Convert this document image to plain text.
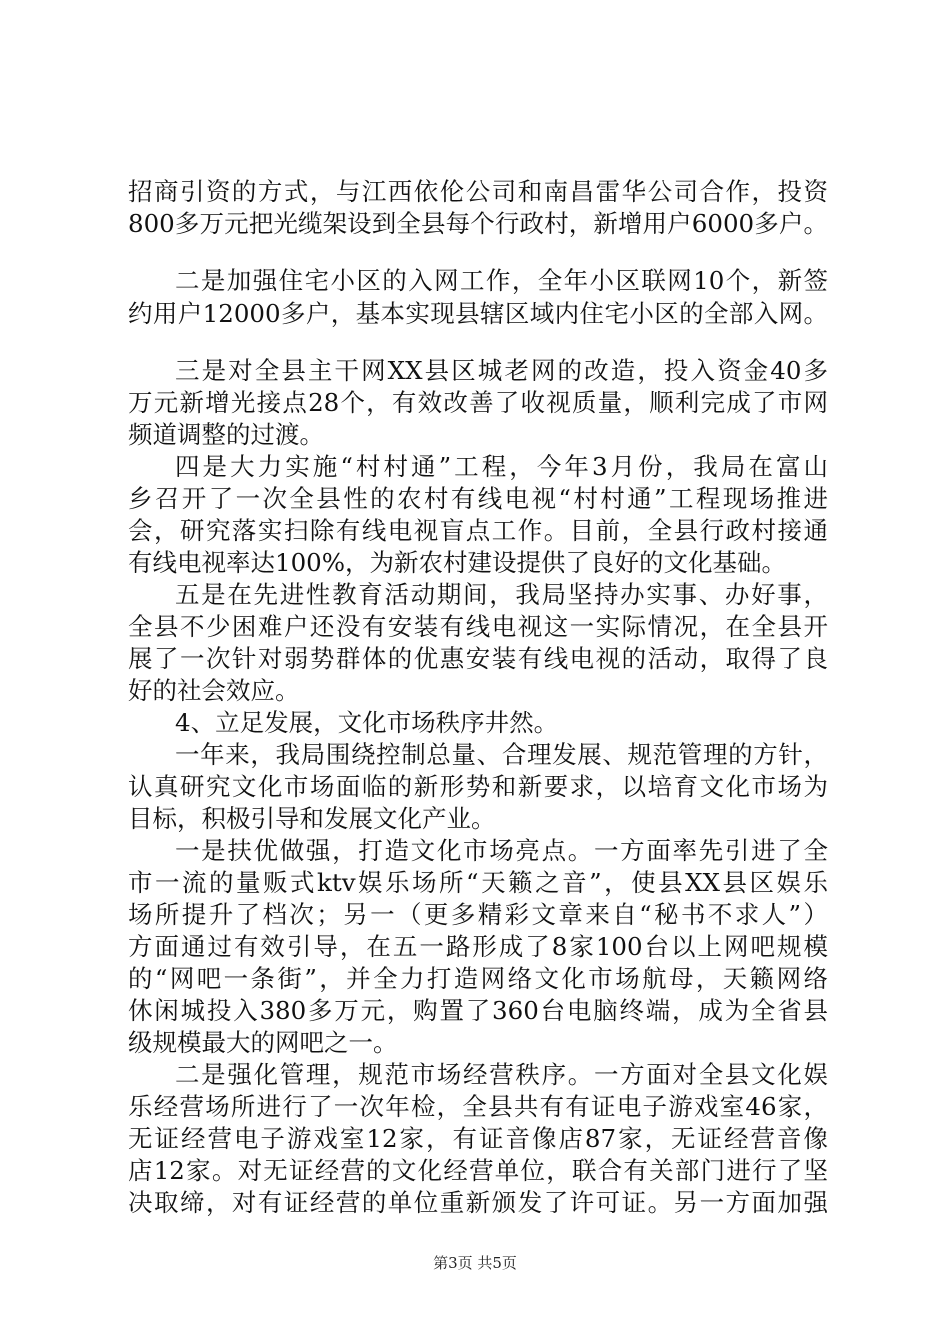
招商引资的方式，与江西依伦公司和南昌雷华公司合作，投资
800多万元把光缆架设到全县每个行政村，新增用户6000多户。
二是加强住宅小区的入网工作，全年小区联网10个，新签
约用户12000多户，基本实现县辖区域内住宅小区的全部入网。
三是对全县主干网XX县区城老网的改造，投入资金40多
万元新增光接点28个，有效改善了收视质量，顺利完成了市网
频道调整的过渡。
四是大力实施“村村通”工程，今年3月份，我局在富山
乡召开了一次全县性的农村有线电视“村村通”工程现场推进
会，研究落实扫除有线电视盲点工作。目前，全县行政村接通
有线电视率达100%，为新农村建设提供了良好的文化基础。
五是在先进性教育活动期间，我局坚持办实事、办好事，
全县不少困难户还没有安装有线电视这一实际情况，在全县开
展了一次针对弱势群体的优惠安装有线电视的活动，取得了良
好的社会效应。
4、立足发展，文化市场秩序井然。
一年来，我局围绕控制总量、合理发展、规范管理的方针，
认真研究文化市场面临的新形势和新要求，以培育文化市场为
目标，积极引导和发展文化产业。
一是扶优做强，打造文化市场亮点。一方面率先引进了全
市一流的量贩式ktv娱乐场所“天籁之音”，使县XX县区娱乐
场所提升了档次；另一（更多精彩文章来自“秘书不求人”）
方面通过有效引导，在五一路形成了8家100台以上网吧规模
的“网吧一条街”，并全力打造网络文化市场航母，天籁网络
休闲城投入380多万元，购置了360台电脑终端，成为全省县
级规模最大的网吧之一。
二是强化管理，规范市场经营秩序。一方面对全县文化娱
乐经营场所进行了一次年检，全县共有有证电子游戏室46家，
无证经营电子游戏室12家，有证音像店87家，无证经营音像
店12家。对无证经营的文化经营单位，联合有关部门进行了坚
决取缔，对有证经营的单位重新颁发了许可证。另一方面加强
第3页 共5页
